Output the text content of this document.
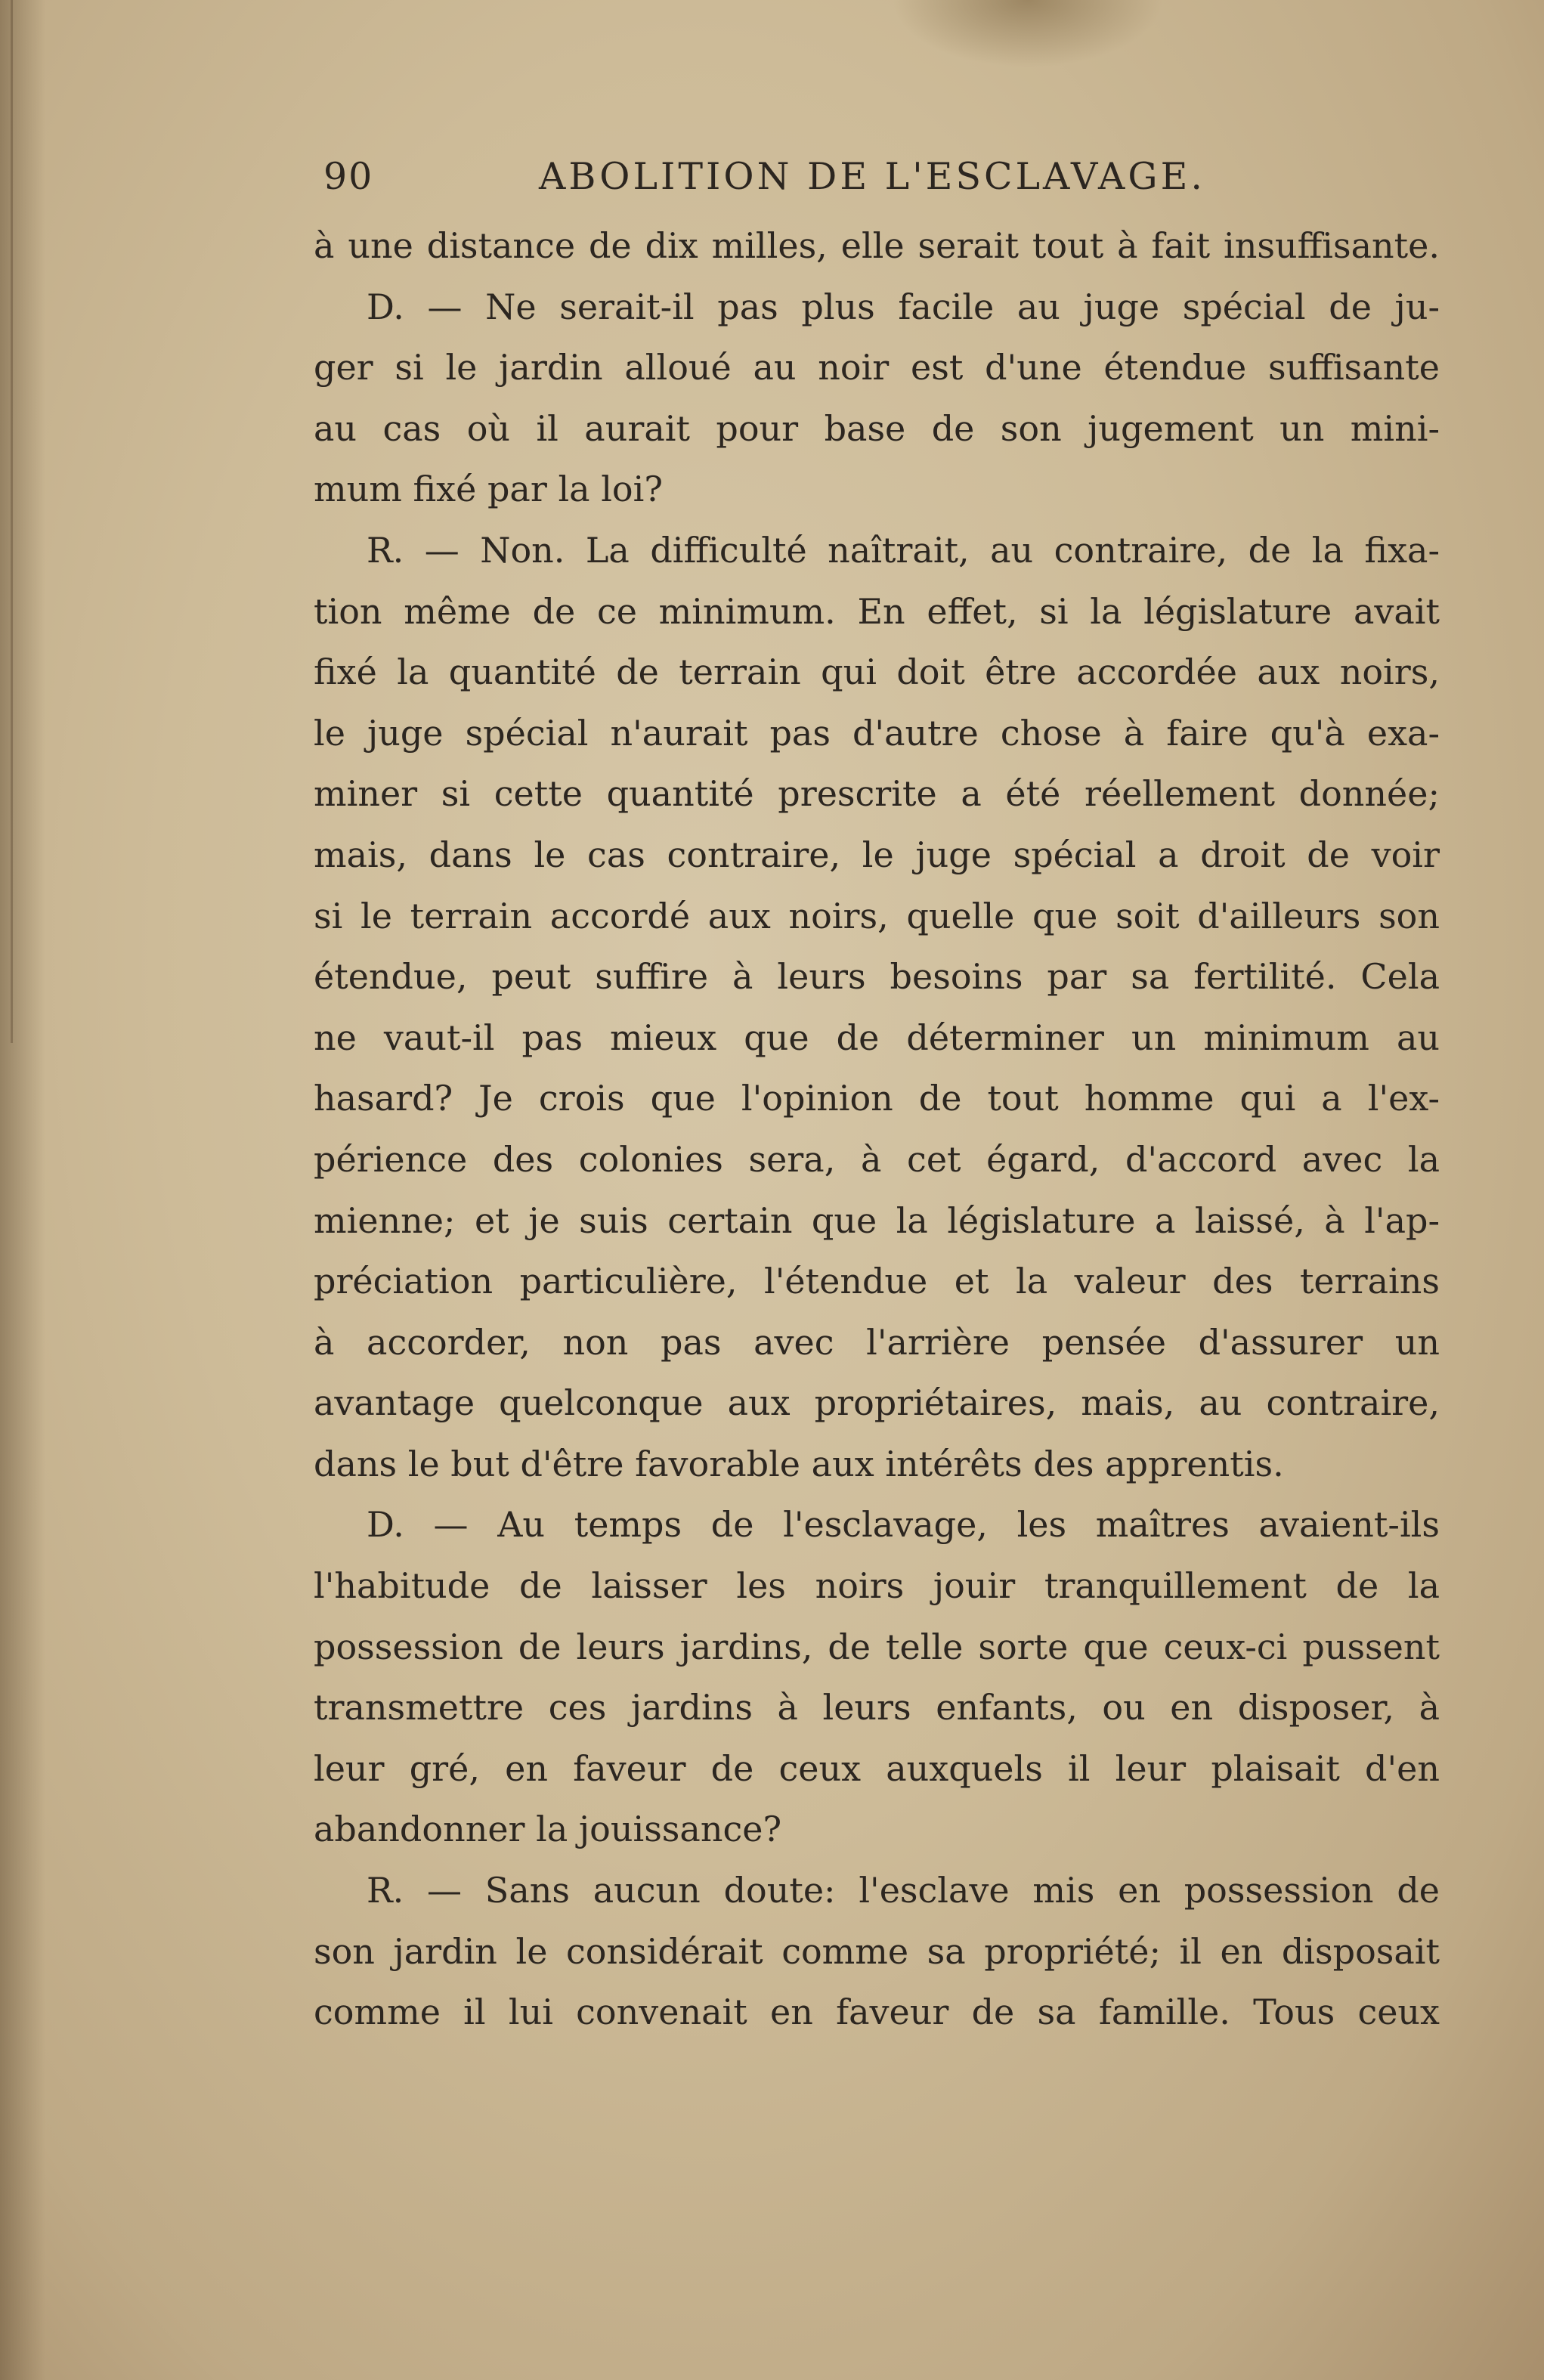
90	ABOLITION DE L'ESCLAVAGE.
à une distance de dix milles, elle serait tout à fait insuffisante.
D. — Ne serait-il pas plus facile au juge spécial de ju-
ger si le jardin alloué au noir est d'une étendue suffisante
au cas où il aurait pour base de son jugement un mini-
mum fixé par la loi?
R. — Non. La difficulté naîtrait, au contraire, de la fixa-
tion même de ce minimum. En effet, si la législature avait
fixé la quantité de terrain qui doit être accordée aux noirs,
le juge spécial n'aurait pas d'autre chose à faire qu'à exa-
miner si cette quantité prescrite a été réellement donnée;
mais, dans le cas contraire, le juge spécial a droit de voir
si le terrain accordé aux noirs, quelle que soit d'ailleurs son
étendue, peut suffire à leurs besoins par sa fertilité. Cela
ne vaut-il pas mieux que de déterminer un minimum au
hasard? Je crois que l'opinion de tout homme qui a l'ex-
périence des colonies sera, à cet égard, d'accord avec la
mienne; et je suis certain que la législature a laissé, à l'ap-
préciation particulière, l'étendue et la valeur des terrains
à accorder, non pas avec l'arrière pensée d'assurer un
avantage quelconque aux propriétaires, mais, au contraire,
dans le but d'être favorable aux intérêts des apprentis.
D. — Au temps de l'esclavage, les maîtres avaient-ils
l'habitude de laisser les noirs jouir tranquillement de la
possession de leurs jardins, de telle sorte que ceux-ci pussent
transmettre ces jardins à leurs enfants, ou en disposer, à
leur gré, en faveur de ceux auxquels il leur plaisait d'en
abandonner la jouissance?
R. — Sans aucun doute: l'esclave mis en possession de
son jardin le considérait comme sa propriété; il en disposait
comme il lui convenait en faveur de sa famille. Tous ceux
